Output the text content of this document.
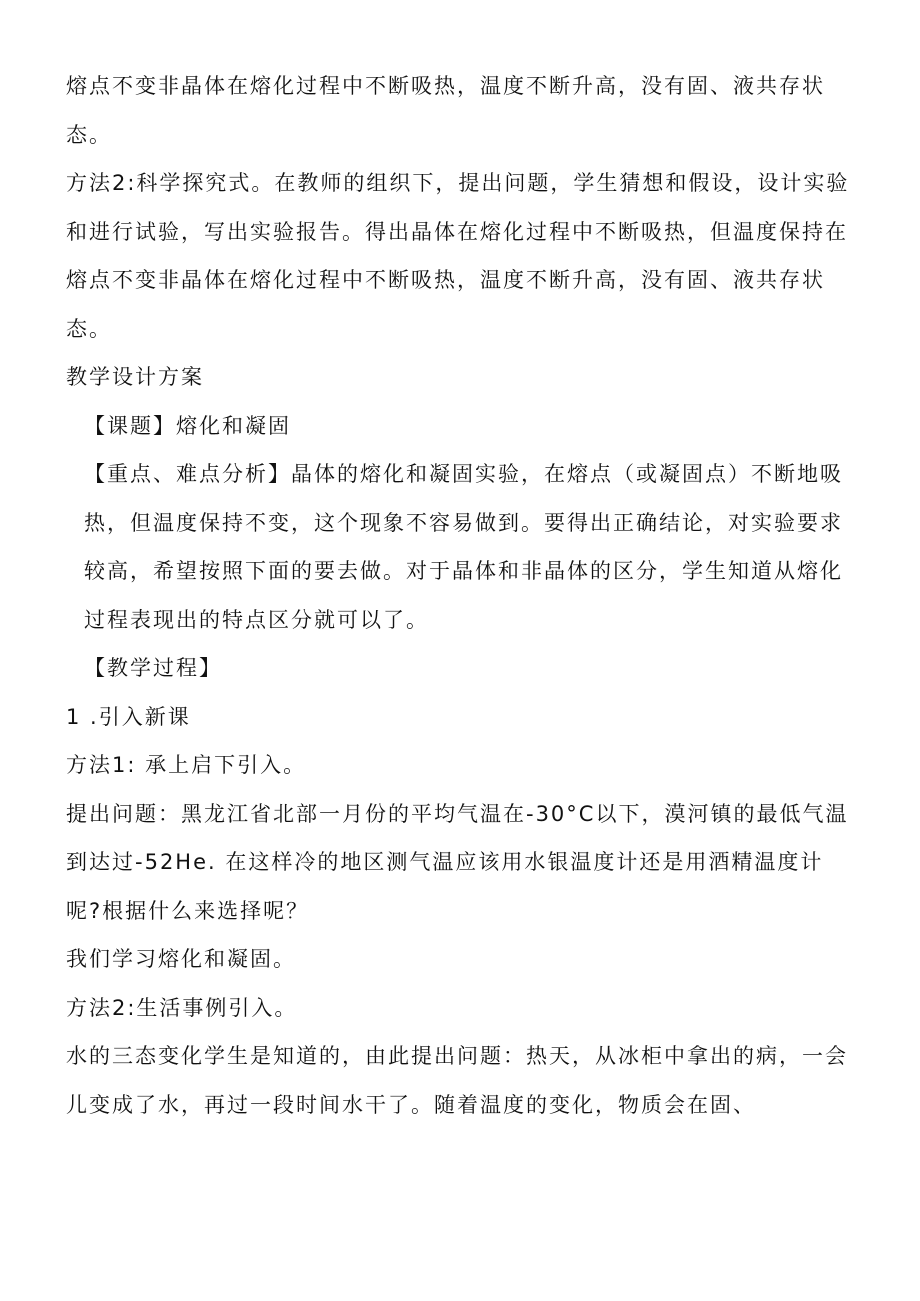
熔点不变非晶体在熔化过程中不断吸热，温度不断升高，没有固、液共存状态。

方法2:科学探究式。在教师的组织下，提出问题，学生猜想和假设，设计实验和进行试验，写出实验报告。得出晶体在熔化过程中不断吸热，但温度保持在熔点不变非晶体在熔化过程中不断吸热，温度不断升高，没有固、液共存状态。

教学设计方案

【课题】熔化和凝固

【重点、难点分析】晶体的熔化和凝固实验，在熔点（或凝固点）不断地吸热，但温度保持不变，这个现象不容易做到。要得出正确结论，对实验要求较高，希望按照下面的要去做。对于晶体和非晶体的区分，学生知道从熔化过程表现出的特点区分就可以了。

【教学过程】

1 .引入新课

方法1: 承上启下引入。

提出问题：黑龙江省北部一月份的平均气温在-30°C以下，漠河镇的最低气温到达过-52He. 在这样冷的地区测气温应该用水银温度计还是用酒精温度计呢?根据什么来选择呢？

我们学习熔化和凝固。

方法2:生活事例引入。

水的三态变化学生是知道的，由此提出问题：热天，从冰柜中拿出的病，一会儿变成了水，再过一段时间水干了。随着温度的变化，物质会在固、
